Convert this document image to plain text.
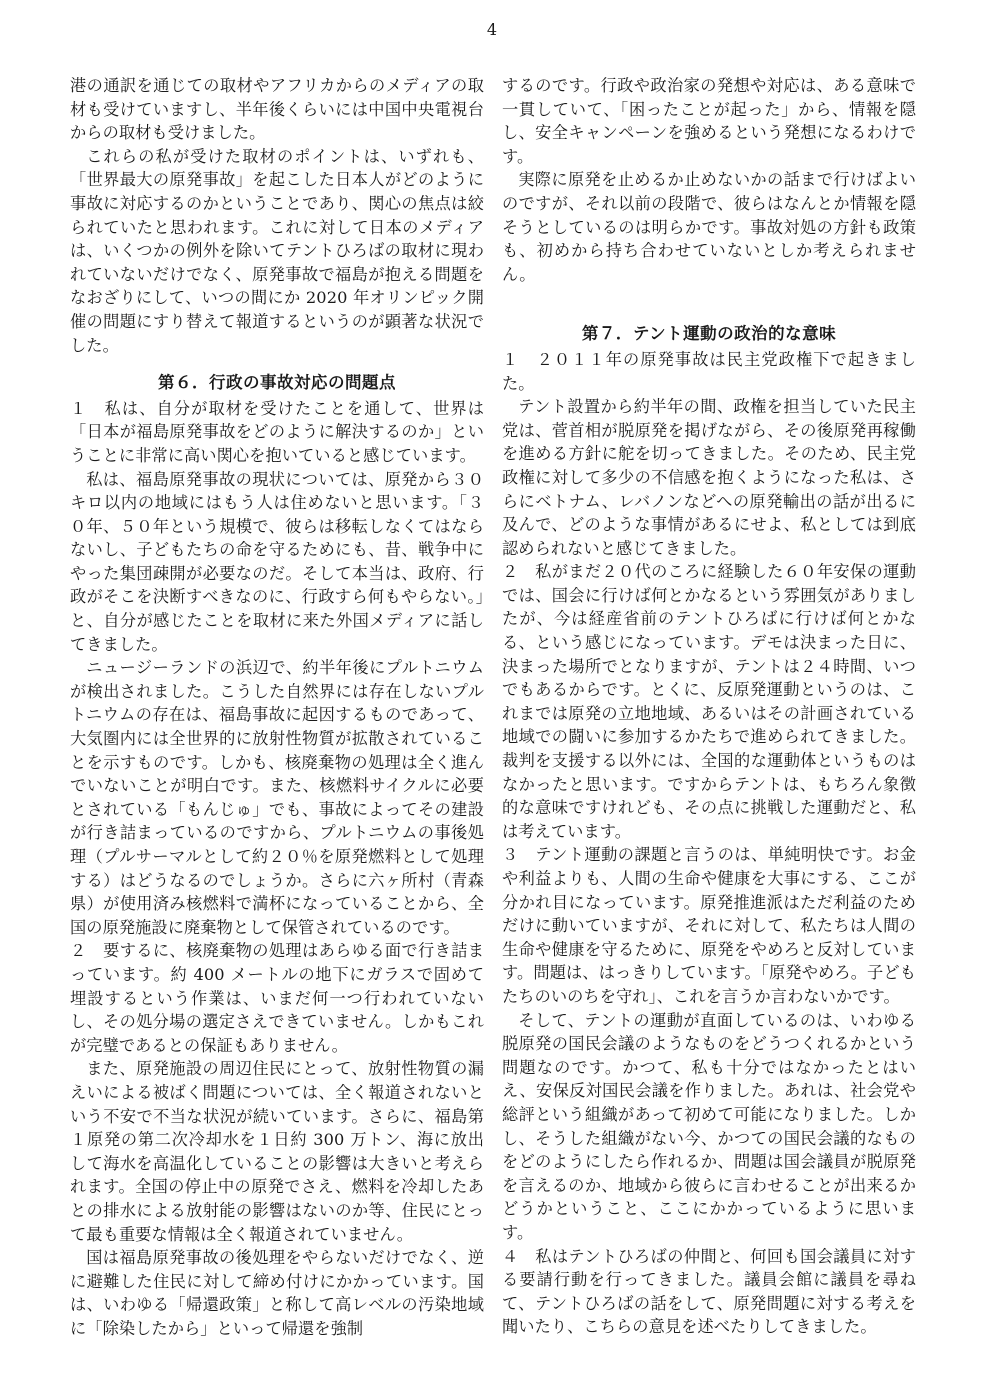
4

港の通訳を通じての取材やアフリカからのメディアの取材も受けていますし、半年後くらいには中国中央電視台からの取材も受けました。

これらの私が受けた取材のポイントは、いずれも、「世界最大の原発事故」を起こした日本人がどのように事故に対応するのかということであり、関心の焦点は絞られていたと思われます。これに対して日本のメディアは、いくつかの例外を除いてテントひろばの取材に現われていないだけでなく、原発事故で福島が抱える問題をなおざりにして、いつの間にか 2020 年オリンピック開催の問題にすり替えて報道するというのが顕著な状況でした。

第６．行政の事故対応の問題点

１　私は、自分が取材を受けたことを通して、世界は「日本が福島原発事故をどのように解決するのか」ということに非常に高い関心を抱いていると感じています。

私は、福島原発事故の現状については、原発から３０キロ以内の地域にはもう人は住めないと思います。「３０年、５０年という規模で、彼らは移転しなくてはならないし、子どもたちの命を守るためにも、昔、戦争中にやった集団疎開が必要なのだ。そして本当は、政府、行政がそこを決断すべきなのに、行政すら何もやらない。」と、自分が感じたことを取材に来た外国メディアに話してきました。

ニュージーランドの浜辺で、約半年後にプルトニウムが検出されました。こうした自然界には存在しないプルトニウムの存在は、福島事故に起因するものであって、大気圏内には全世界的に放射性物質が拡散されていることを示すものです。しかも、核廃棄物の処理は全く進んでいないことが明白です。また、核燃料サイクルに必要とされている「もんじゅ」でも、事故によってその建設が行き詰まっているのですから、プルトニウムの事後処理（プルサーマルとして約２０％を原発燃料として処理する）はどうなるのでしょうか。さらに六ヶ所村（青森県）が使用済み核燃料で満杯になっていることから、全国の原発施設に廃棄物として保管されているのです。

２　要するに、核廃棄物の処理はあらゆる面で行き詰まっています。約 400 メートルの地下にガラスで固めて埋設するという作業は、いまだ何一つ行われていないし、その処分場の選定さえできていません。しかもこれが完璧であるとの保証もありません。

また、原発施設の周辺住民にとって、放射性物質の漏えいによる被ばく問題については、全く報道されないという不安で不当な状況が続いています。さらに、福島第１原発の第二次冷却水を１日約 300 万トン、海に放出して海水を高温化していることの影響は大きいと考えられます。全国の停止中の原発でさえ、燃料を冷却したあとの排水による放射能の影響はないのか等、住民にとって最も重要な情報は全く報道されていません。

国は福島原発事故の後処理をやらないだけでなく、逆に避難した住民に対して締め付けにかかっています。国は、いわゆる「帰還政策」と称して高レベルの汚染地域に「除染したから」といって帰還を強制

するのです。行政や政治家の発想や対応は、ある意味で一貫していて、「困ったことが起った」から、情報を隠し、安全キャンペーンを強めるという発想になるわけです。

実際に原発を止めるか止めないかの話まで行けばよいのですが、それ以前の段階で、彼らはなんとか情報を隠そうとしているのは明らかです。事故対処の方針も政策も、初めから持ち合わせていないとしか考えられません。

第７．テント運動の政治的な意味

１　２０１１年の原発事故は民主党政権下で起きました。

テント設置から約半年の間、政権を担当していた民主党は、菅首相が脱原発を掲げながら、その後原発再稼働を進める方針に舵を切ってきました。そのため、民主党政権に対して多少の不信感を抱くようになった私は、さらにベトナム、レバノンなどへの原発輸出の話が出るに及んで、どのような事情があるにせよ、私としては到底認められないと感じてきました。

２　私がまだ２０代のころに経験した６０年安保の運動では、国会に行けば何とかなるという雰囲気がありましたが、今は経産省前のテントひろばに行けば何とかなる、という感じになっています。デモは決まった日に、決まった場所でとなりますが、テントは２４時間、いつでもあるからです。とくに、反原発運動というのは、これまでは原発の立地地域、あるいはその計画されている地域での闘いに参加するかたちで進められてきました。裁判を支援する以外には、全国的な運動体というものはなかったと思います。ですからテントは、もちろん象徴的な意味ですけれども、その点に挑戦した運動だと、私は考えています。

３　テント運動の課題と言うのは、単純明快です。お金や利益よりも、人間の生命や健康を大事にする、ここが分かれ目になっています。原発推進派はただ利益のためだけに動いていますが、それに対して、私たちは人間の生命や健康を守るために、原発をやめろと反対しています。問題は、はっきりしています。「原発やめろ。子どもたちのいのちを守れ」、これを言うか言わないかです。

そして、テントの運動が直面しているのは、いわゆる脱原発の国民会議のようなものをどうつくれるかという問題なのです。かつて、私も十分ではなかったとはいえ、安保反対国民会議を作りました。あれは、社会党や総評という組織があって初めて可能になりました。しかし、そうした組織がない今、かつての国民会議的なものをどのようにしたら作れるか、問題は国会議員が脱原発を言えるのか、地域から彼らに言わせることが出来るかどうかということ、ここにかかっているように思います。

４　私はテントひろばの仲間と、何回も国会議員に対する要請行動を行ってきました。議員会館に議員を尋ねて、テントひろばの話をして、原発問題に対する考えを聞いたり、こちらの意見を述べたりしてきました。
